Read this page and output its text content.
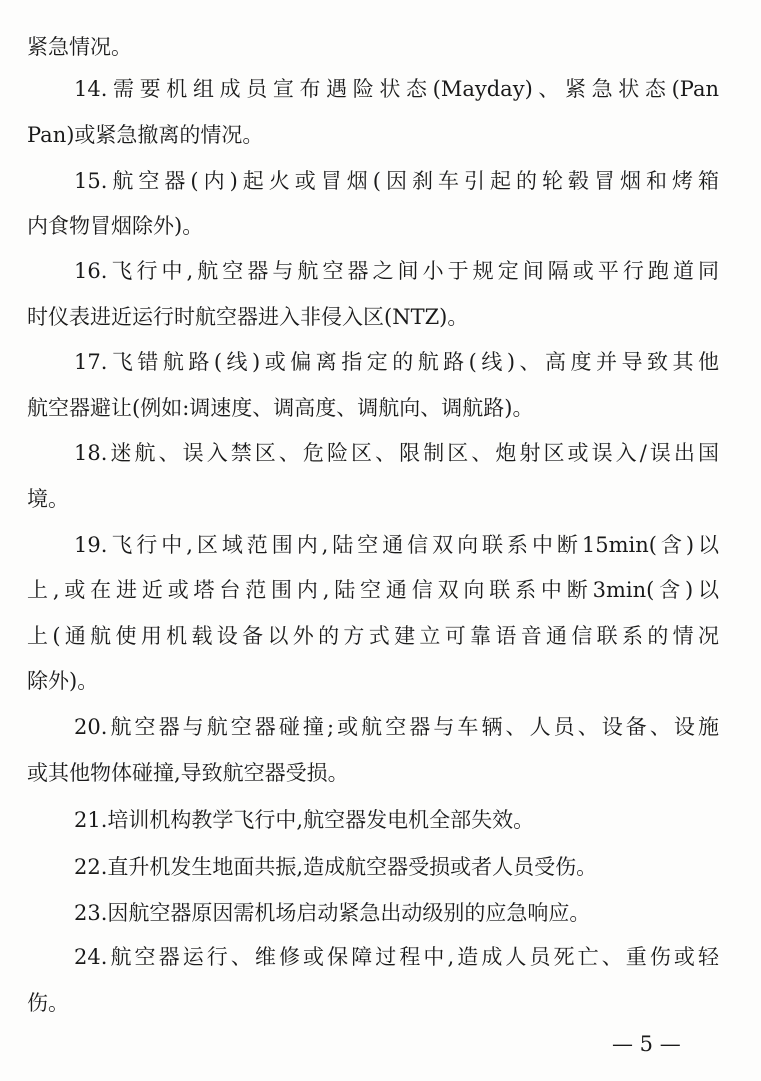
紧急情况。
14.需要机组成员宣布遇险状态(Mayday)、紧急状态(Pan
Pan)或紧急撤离的情况。
15.航空器(内)起火或冒烟(因刹车引起的轮毂冒烟和烤箱
内食物冒烟除外)。
16.飞行中,航空器与航空器之间小于规定间隔或平行跑道同
时仪表进近运行时航空器进入非侵入区(NTZ)。
17.飞错航路(线)或偏离指定的航路(线)、高度并导致其他
航空器避让(例如:调速度、调高度、调航向、调航路)。
18.迷航、误入禁区、危险区、限制区、炮射区或误入/误出国
境。
19.飞行中,区域范围内,陆空通信双向联系中断15min(含)以
上,或在进近或塔台范围内,陆空通信双向联系中断3min(含)以
上(通航使用机载设备以外的方式建立可靠语音通信联系的情况
除外)。
20.航空器与航空器碰撞;或航空器与车辆、人员、设备、设施
或其他物体碰撞,导致航空器受损。
21.培训机构教学飞行中,航空器发电机全部失效。
22.直升机发生地面共振,造成航空器受损或者人员受伤。
23.因航空器原因需机场启动紧急出动级别的应急响应。
24.航空器运行、维修或保障过程中,造成人员死亡、重伤或轻
伤。
— 5 —
